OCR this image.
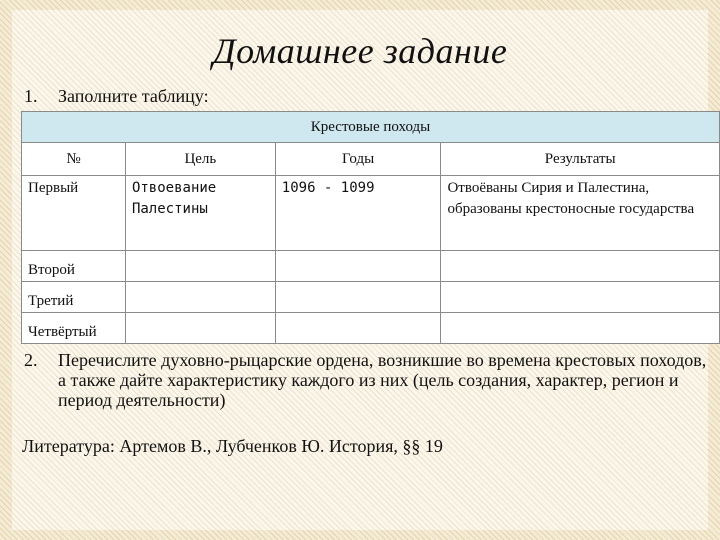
Домашнее задание
1. Заполните таблицу:
Крестовые походы			
№	Цель	Годы	Результаты
Первый	Отвоевание Палестины	1096 - 1099	Отвоёваны Сирия и Палестина, образованы крестоносные государства
Второй			
Третий			
Четвёртый			
2. Перечислите духовно-рыцарские ордена, возникшие во времена крестовых походов, а также дайте характеристику каждого из них (цель создания, характер, регион и период деятельности)
Литература: Артемов В., Лубченков Ю. История, §§ 19
